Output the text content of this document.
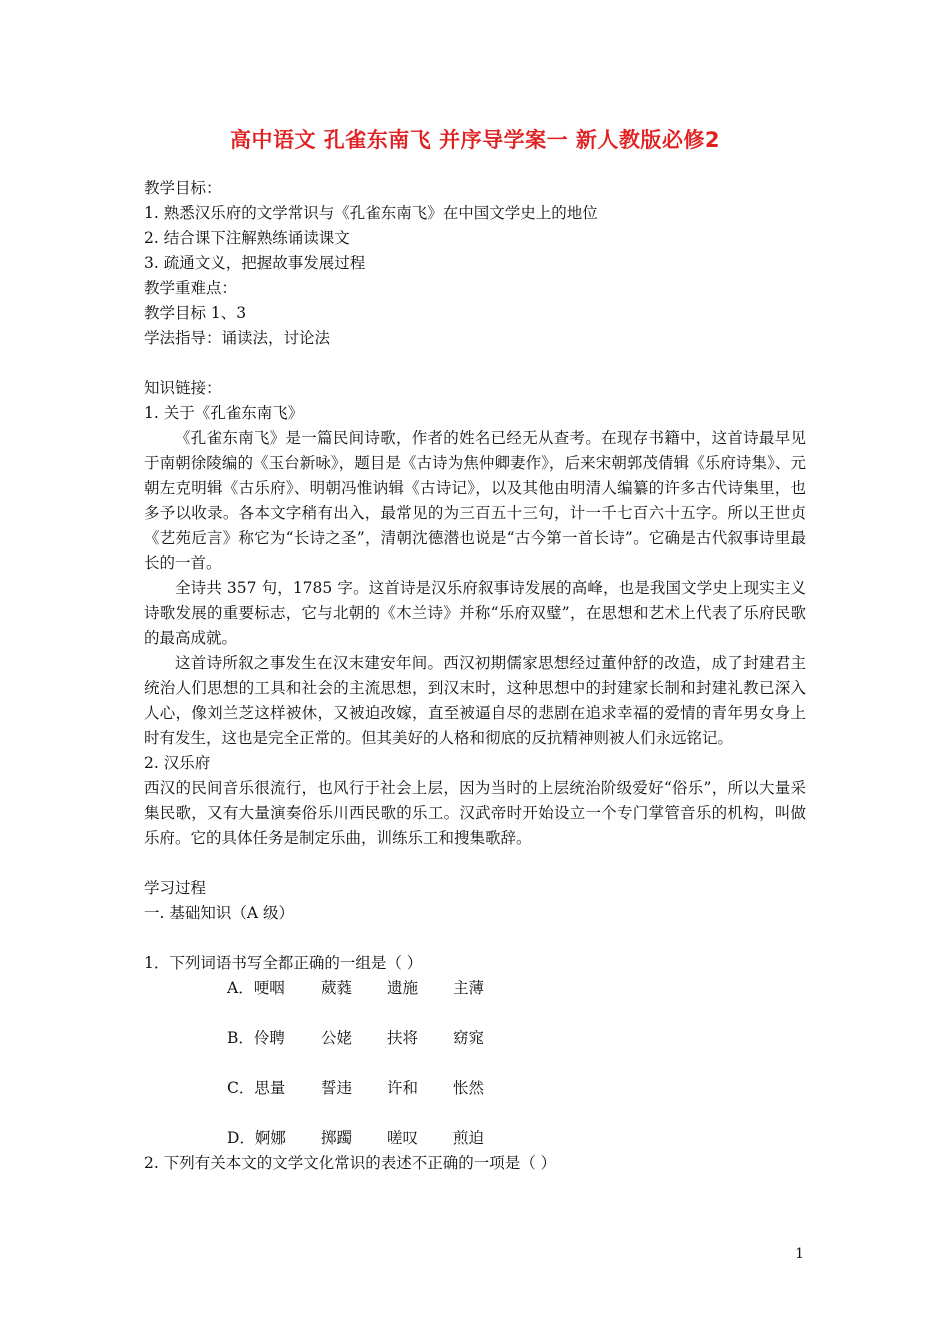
高中语文 孔雀东南飞 并序导学案一 新人教版必修2
教学目标：
1. 熟悉汉乐府的文学常识与《孔雀东南飞》在中国文学史上的地位
2. 结合课下注解熟练诵读课文
3. 疏通文义，把握故事发展过程
教学重难点：
教学目标 1、3
学法指导：诵读法，讨论法
知识链接：
1. 关于《孔雀东南飞》
《孔雀东南飞》是一篇民间诗歌，作者的姓名已经无从查考。在现存书籍中，这首诗最早见于南朝徐陵编的《玉台新咏》，题目是《古诗为焦仲卿妻作》，后来宋朝郭茂倩辑《乐府诗集》、元朝左克明辑《古乐府》、明朝冯惟讷辑《古诗记》，以及其他由明清人编纂的许多古代诗集里，也多予以收录。各本文字稍有出入，最常见的为三百五十三句，计一千七百六十五字。所以王世贞《艺苑卮言》称它为“长诗之圣”，清朝沈德潜也说是“古今第一首长诗”。它确是古代叙事诗里最长的一首。
全诗共 357 句，1785 字。这首诗是汉乐府叙事诗发展的高峰，也是我国文学史上现实主义诗歌发展的重要标志，它与北朝的《木兰诗》并称“乐府双璧”，在思想和艺术上代表了乐府民歌的最高成就。
这首诗所叙之事发生在汉末建安年间。西汉初期儒家思想经过董仲舒的改造，成了封建君主统治人们思想的工具和社会的主流思想，到汉末时，这种思想中的封建家长制和封建礼教已深入人心，像刘兰芝这样被休，又被迫改嫁，直至被逼自尽的悲剧在追求幸福的爱情的青年男女身上时有发生，这也是完全正常的。但其美好的人格和彻底的反抗精神则被人们永远铭记。
2. 汉乐府
西汉的民间音乐很流行，也风行于社会上层，因为当时的上层统治阶级爱好“俗乐”，所以大量采集民歌，又有大量演奏俗乐川西民歌的乐工。汉武帝时开始设立一个专门掌管音乐的机构，叫做乐府。它的具体任务是制定乐曲，训练乐工和搜集歌辞。
学习过程
一. 基础知识（A 级）
1．下列词语书写全都正确的一组是（ ）
A．哽咽 葳蕤 遗施 主薄
B．伶聘 公姥 扶将 窈窕
C．思量 誓违 许和 怅然
D．婀娜 掷躅 嗟叹 煎迫
2. 下列有关本文的文学文化常识的表述不正确的一项是（ ）
1
